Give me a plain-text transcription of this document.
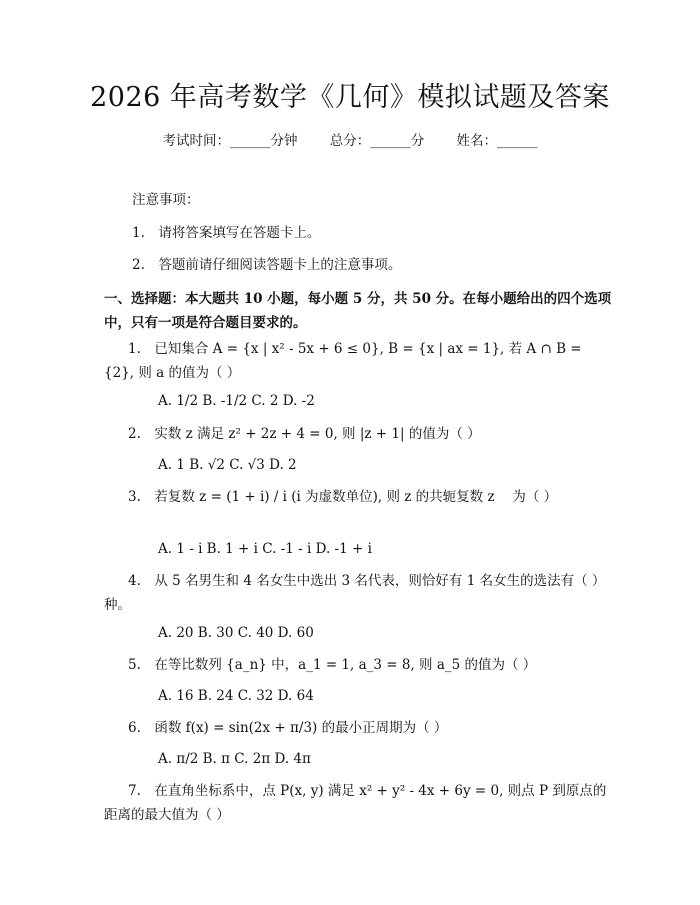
2026 年高考数学《几何》模拟试题及答案
考试时间：______分钟 总分：______分 姓名：______
注意事项：
1.　请将答案填写在答题卡上。
2.　答题前请仔细阅读答题卡上的注意事项。
一、选择题：本大题共 10 小题，每小题 5 分，共 50 分。在每小题给出的四个选项中，只有一项是符合题目要求的。
1.　 已知集合 A = {x | x² - 5x + 6 ≤ 0}, B = {x | ax = 1}, 若 A ∩ B = {2}, 则 a 的值为（ ）
A. 1/2 B. -1/2 C. 2 D. -2
2.　 实数 z 满足 z² + 2z + 4 = 0, 则 |z + 1| 的值为（ ）
A. 1 B. √2 C. √3 D. 2
3.　 若复数 z = (1 + i) / i (i 为虚数单位), 则 z 的共轭复数 z　 为（ ）
A. 1 - i B. 1 + i C. -1 - i D. -1 + i
4.　 从 5 名男生和 4 名女生中选出 3 名代表，则恰好有 1 名女生的选法有（ ）种。
A. 20 B. 30 C. 40 D. 60
5.　 在等比数列 {a_n} 中，a_1 = 1, a_3 = 8, 则 a_5 的值为（ ）
A. 16 B. 24 C. 32 D. 64
6.　 函数 f(x) = sin(2x + π/3) 的最小正周期为（ ）
A. π/2 B. π C. 2π D. 4π
7.　 在直角坐标系中，点 P(x, y) 满足 x² + y² - 4x + 6y = 0, 则点 P 到原点的距离的最大值为（ ）
